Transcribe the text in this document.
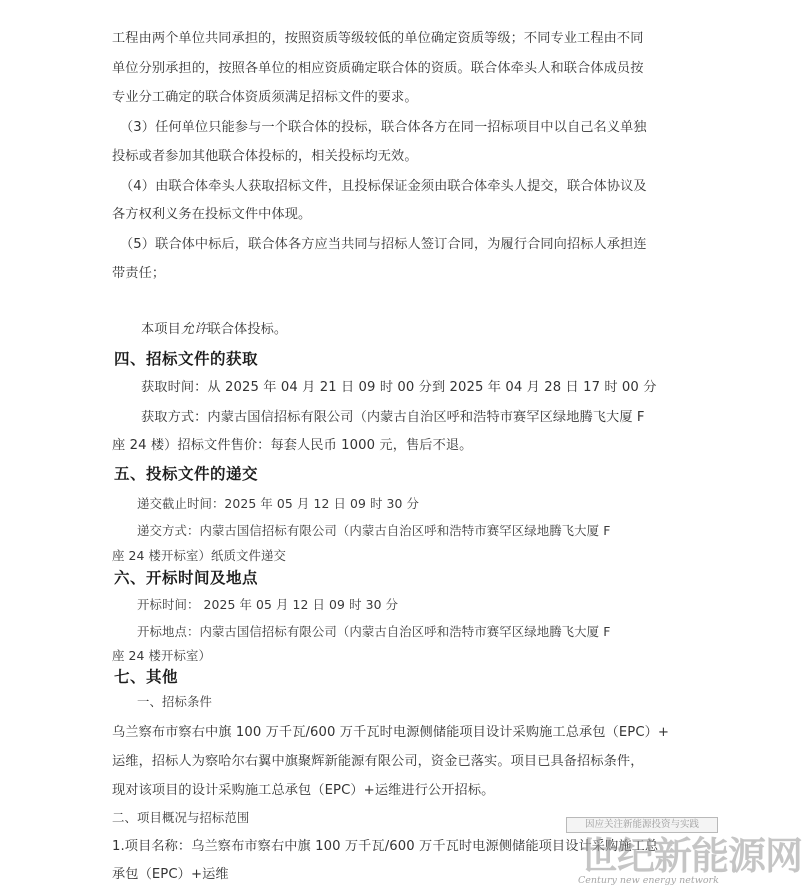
工程由两个单位共同承担的，按照资质等级较低的单位确定资质等级；不同专业工程由不同
单位分别承担的，按照各单位的相应资质确定联合体的资质。联合体牵头人和联合体成员按
专业分工确定的联合体资质须满足招标文件的要求。
（3）任何单位只能参与一个联合体的投标，联合体各方在同一招标项目中以自己名义单独
投标或者参加其他联合体投标的，相关投标均无效。
（4）由联合体牵头人获取招标文件，且投标保证金须由联合体牵头人提交，联合体协议及
各方权利义务在投标文件中体现。
（5）联合体中标后，联合体各方应当共同与招标人签订合同，为履行合同向招标人承担连
带责任；
本项目允许联合体投标。
四、招标文件的获取
获取时间：从 2025 年 04 月 21 日 09 时 00 分到 2025 年 04 月 28 日 17 时 00 分
获取方式：内蒙古国信招标有限公司（内蒙古自治区呼和浩特市赛罕区绿地腾飞大厦 F
座 24 楼）招标文件售价：每套人民币 1000 元，售后不退。
五、投标文件的递交
递交截止时间：2025 年 05 月 12 日 09 时 30 分
递交方式：内蒙古国信招标有限公司（内蒙古自治区呼和浩特市赛罕区绿地腾飞大厦 F
座 24 楼开标室）纸质文件递交
六、开标时间及地点
开标时间： 2025 年 05 月 12 日 09 时 30 分
开标地点：内蒙古国信招标有限公司（内蒙古自治区呼和浩特市赛罕区绿地腾飞大厦 F
座 24 楼开标室）
七、其他
一、招标条件
乌兰察布市察右中旗 100 万千瓦/600 万千瓦时电源侧储能项目设计采购施工总承包（EPC）+
运维，招标人为察哈尔右翼中旗聚辉新能源有限公司，资金已落实。项目已具备招标条件，
现对该项目的设计采购施工总承包（EPC）+运维进行公开招标。
二、项目概况与招标范围
1.项目名称：乌兰察布市察右中旗 100 万千瓦/600 万千瓦时电源侧储能项目设计采购施工总
承包（EPC）+运维
因应关注新能源投资与实践
世纪新能源网
Century new energy network
